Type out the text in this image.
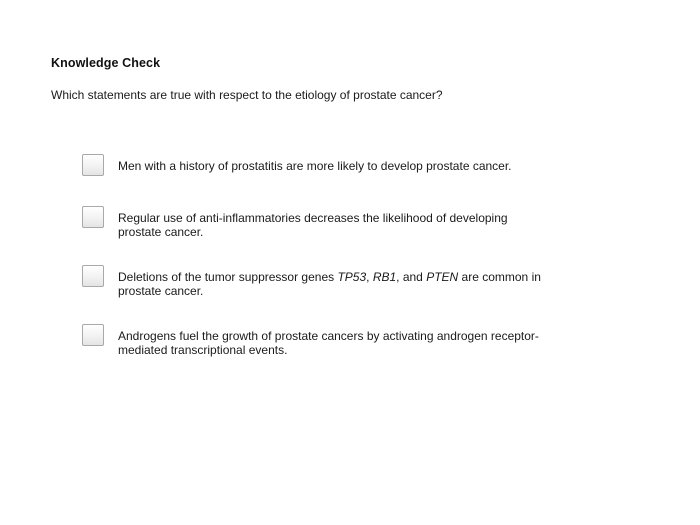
Knowledge Check
Which statements are true with respect to the etiology of prostate cancer?
Men with a history of prostatitis are more likely to develop prostate cancer.
Regular use of anti-inflammatories decreases the likelihood of developing prostate cancer.
Deletions of the tumor suppressor genes TP53, RB1, and PTEN are common in prostate cancer.
Androgens fuel the growth of prostate cancers by activating androgen receptor-mediated transcriptional events.
